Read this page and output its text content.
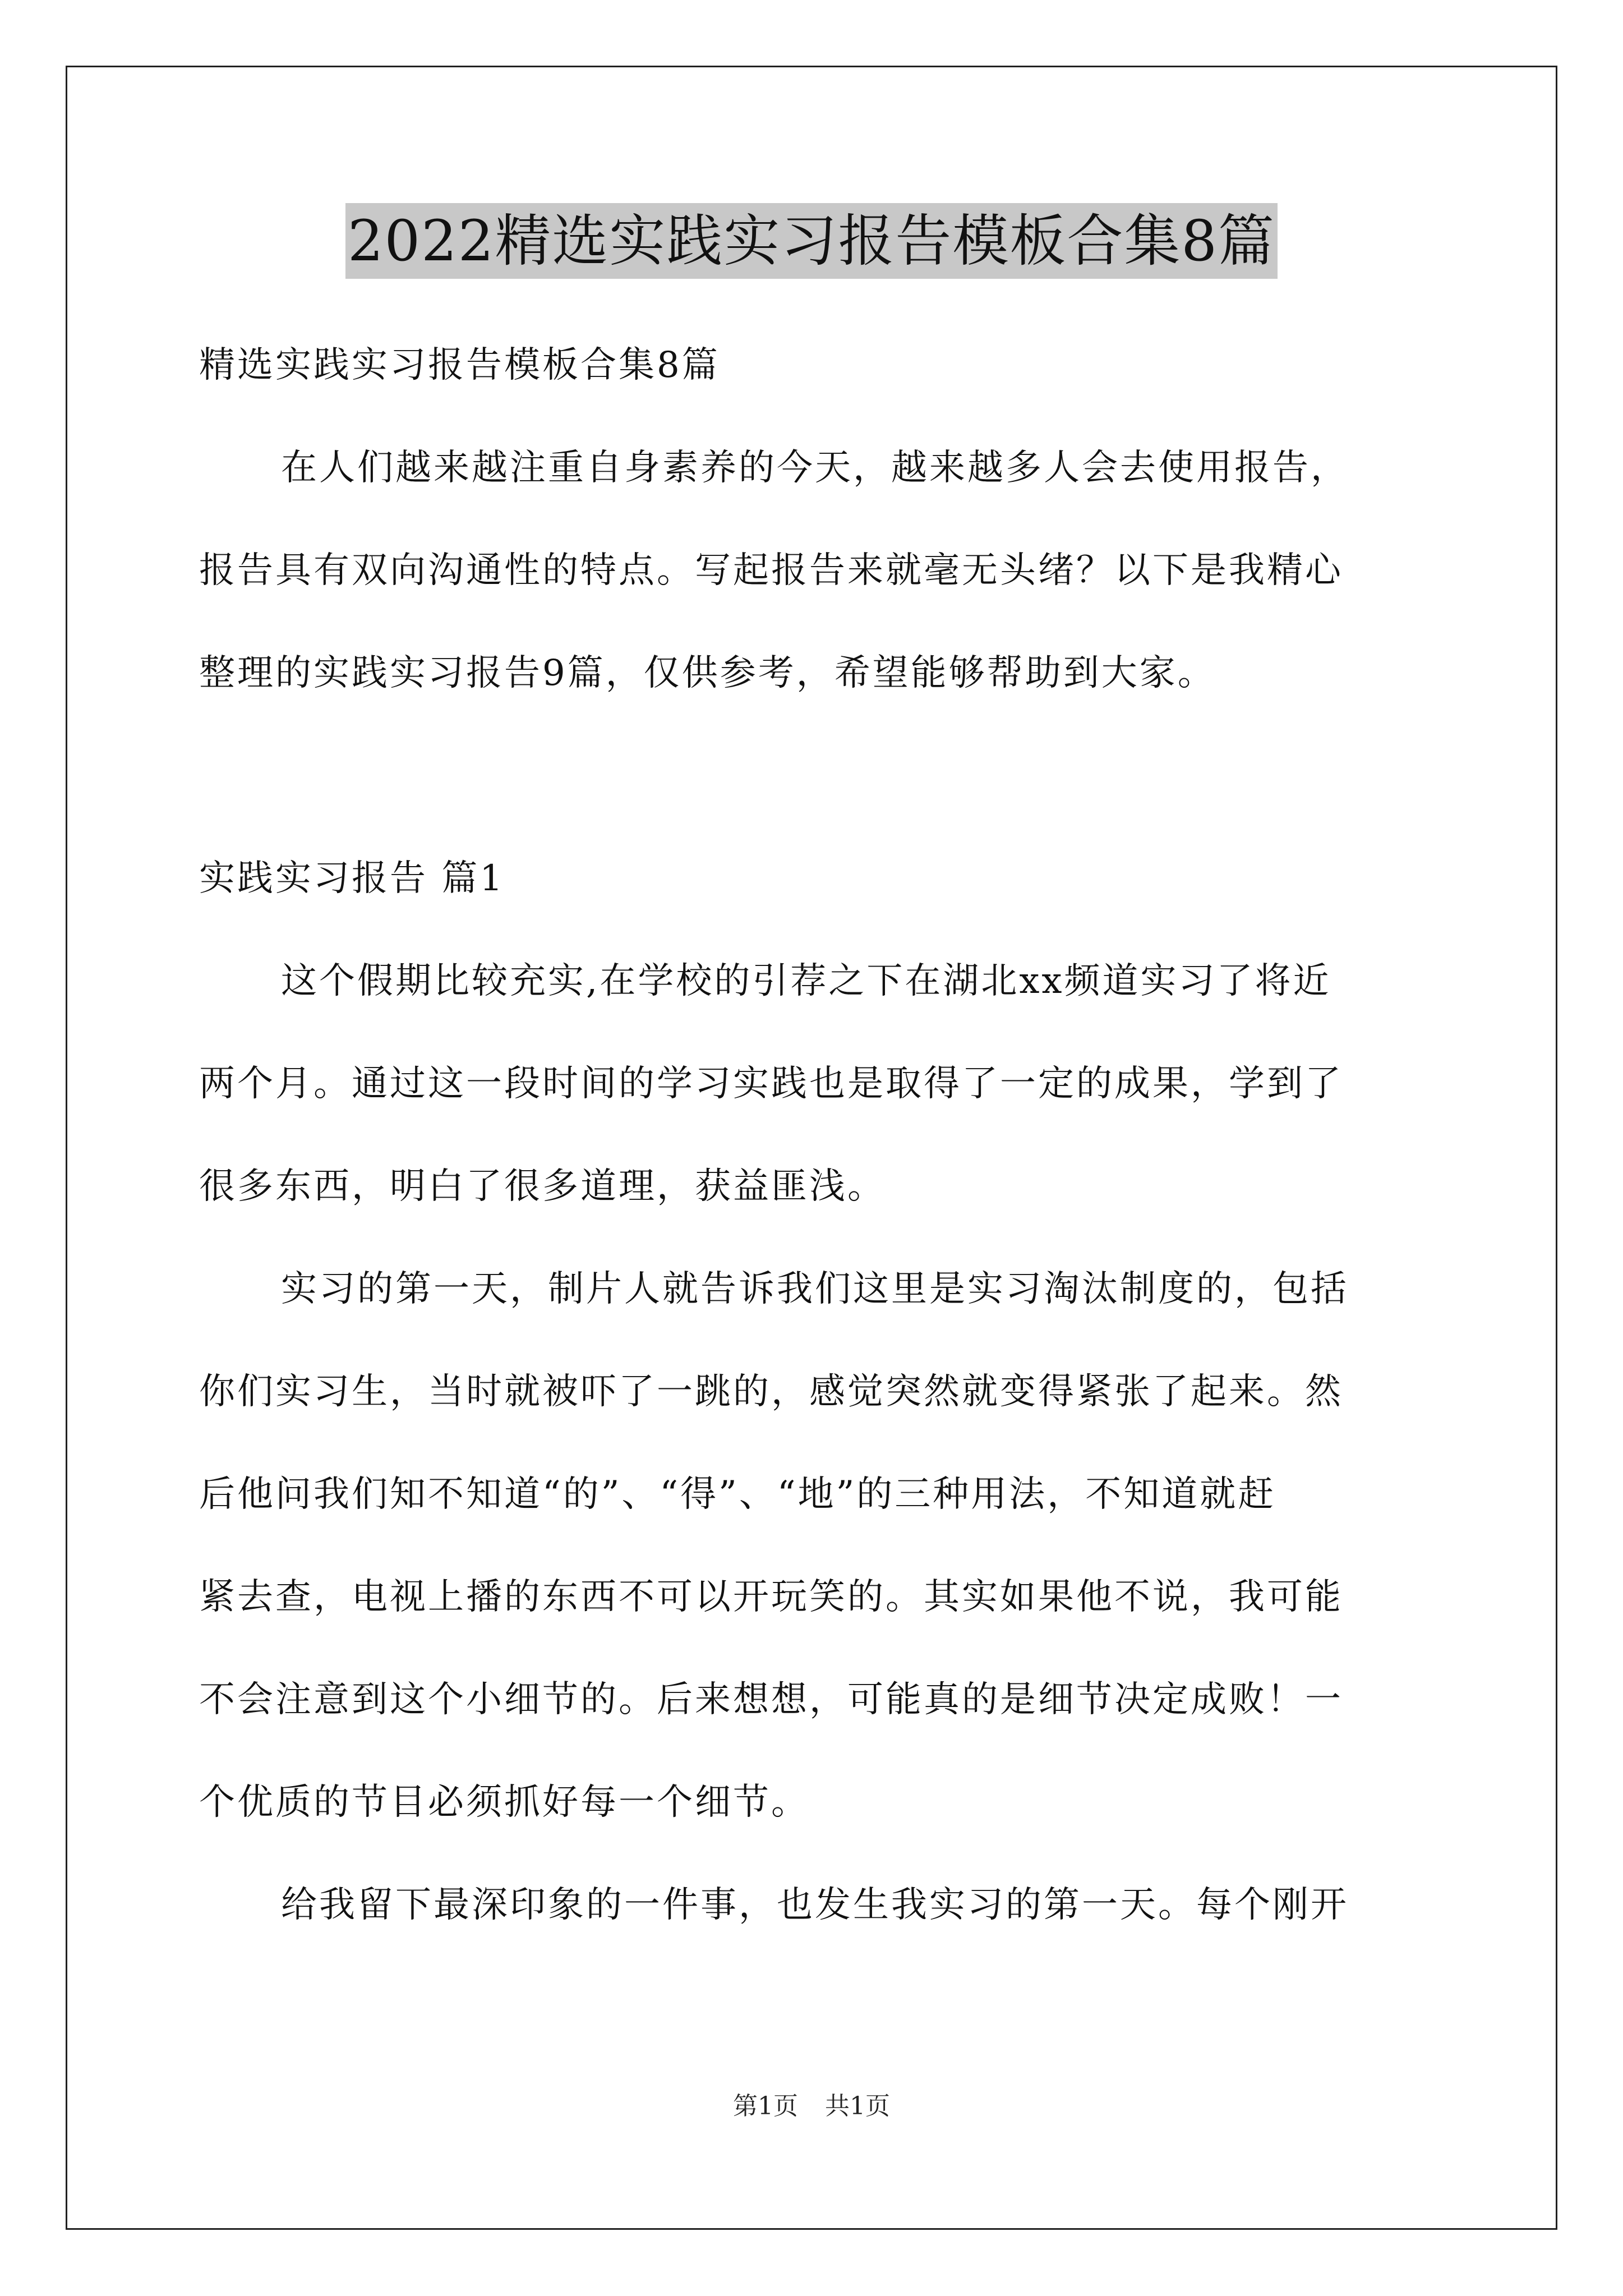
2022精选实践实习报告模板合集8篇

精选实践实习报告模板合集8篇

在人们越来越注重自身素养的今天，越来越多人会去使用报告，

报告具有双向沟通性的特点。写起报告来就毫无头绪？以下是我精心

整理的实践实习报告9篇，仅供参考，希望能够帮助到大家。

实践实习报告 篇1

这个假期比较充实,在学校的引荐之下在湖北xx频道实习了将近

两个月。通过这一段时间的学习实践也是取得了一定的成果，学到了

很多东西，明白了很多道理，获益匪浅。

实习的第一天，制片人就告诉我们这里是实习淘汰制度的，包括

你们实习生，当时就被吓了一跳的，感觉突然就变得紧张了起来。然

后他问我们知不知道“的”、“得”、“地”的三种用法，不知道就赶

紧去查，电视上播的东西不可以开玩笑的。其实如果他不说，我可能

不会注意到这个小细节的。后来想想，可能真的是细节决定成败！一

个优质的节目必须抓好每一个细节。

给我留下最深印象的一件事，也发生我实习的第一天。每个刚开

第1页 共1页
